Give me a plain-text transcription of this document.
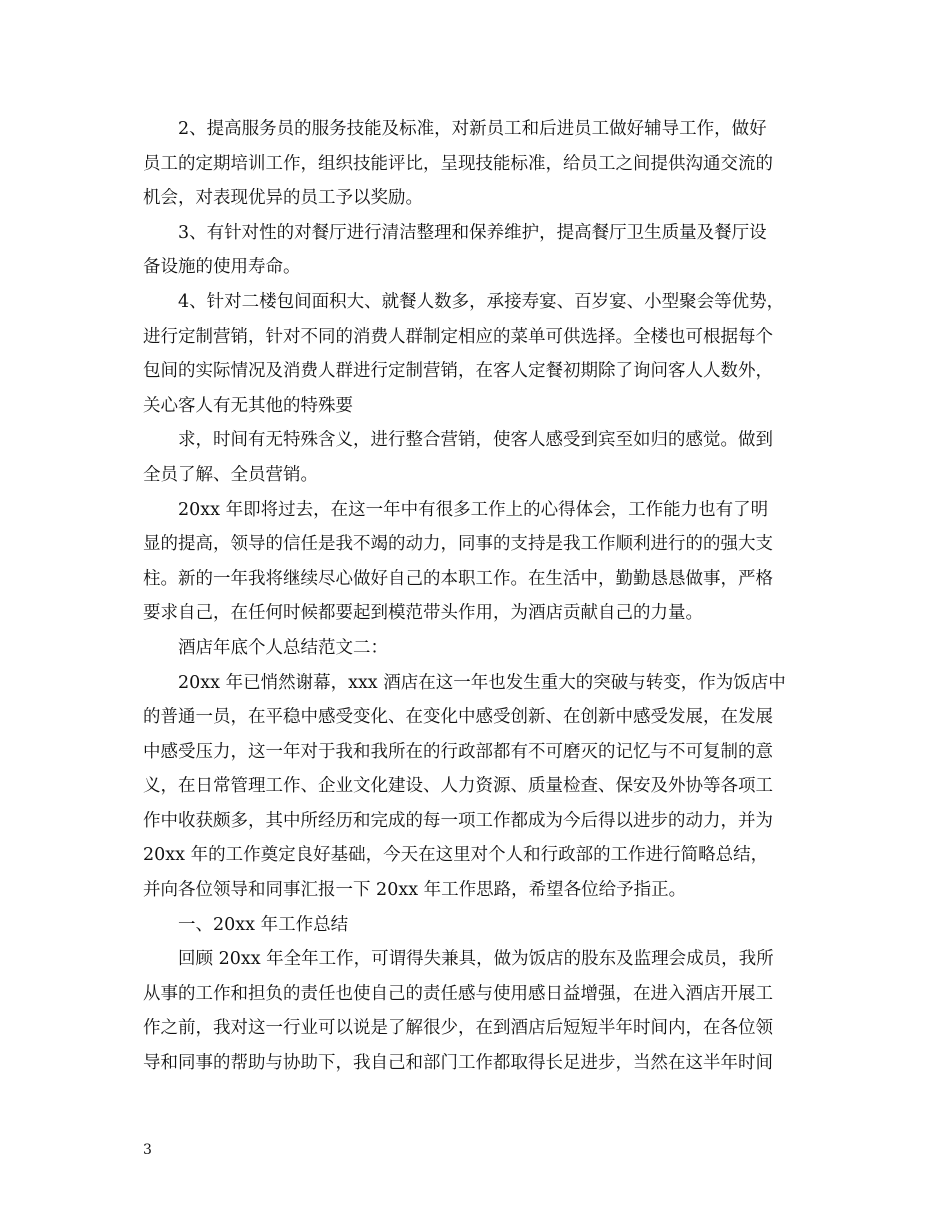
2、提高服务员的服务技能及标准，对新员工和后进员工做好辅导工作，做好
员工的定期培训工作，组织技能评比，呈现技能标准，给员工之间提供沟通交流的
机会，对表现优异的员工予以奖励。
3、有针对性的对餐厅进行清洁整理和保养维护，提高餐厅卫生质量及餐厅设
备设施的使用寿命。
4、针对二楼包间面积大、就餐人数多，承接寿宴、百岁宴、小型聚会等优势，
进行定制营销，针对不同的消费人群制定相应的菜单可供选择。全楼也可根据每个
包间的实际情况及消费人群进行定制营销，在客人定餐初期除了询问客人人数外，
关心客人有无其他的特殊要
求，时间有无特殊含义，进行整合营销，使客人感受到宾至如归的感觉。做到
全员了解、全员营销。
20xx 年即将过去，在这一年中有很多工作上的心得体会，工作能力也有了明
显的提高，领导的信任是我不竭的动力，同事的支持是我工作顺利进行的的强大支
柱。新的一年我将继续尽心做好自己的本职工作。在生活中，勤勤恳恳做事，严格
要求自己，在任何时候都要起到模范带头作用，为酒店贡献自己的力量。
酒店年底个人总结范文二：
20xx 年已悄然谢幕，xxx 酒店在这一年也发生重大的突破与转变，作为饭店中
的普通一员，在平稳中感受变化、在变化中感受创新、在创新中感受发展，在发展
中感受压力，这一年对于我和我所在的行政部都有不可磨灭的记忆与不可复制的意
义，在日常管理工作、企业文化建设、人力资源、质量检查、保安及外协等各项工
作中收获颇多，其中所经历和完成的每一项工作都成为今后得以进步的动力，并为
20xx 年的工作奠定良好基础，今天在这里对个人和行政部的工作进行简略总结，
并向各位领导和同事汇报一下 20xx 年工作思路，希望各位给予指正。
一、20xx 年工作总结
回顾 20xx 年全年工作，可谓得失兼具，做为饭店的股东及监理会成员，我所
从事的工作和担负的责任也使自己的责任感与使用感日益增强，在进入酒店开展工
作之前，我对这一行业可以说是了解很少，在到酒店后短短半年时间内，在各位领
导和同事的帮助与协助下，我自己和部门工作都取得长足进步，当然在这半年时间
3
